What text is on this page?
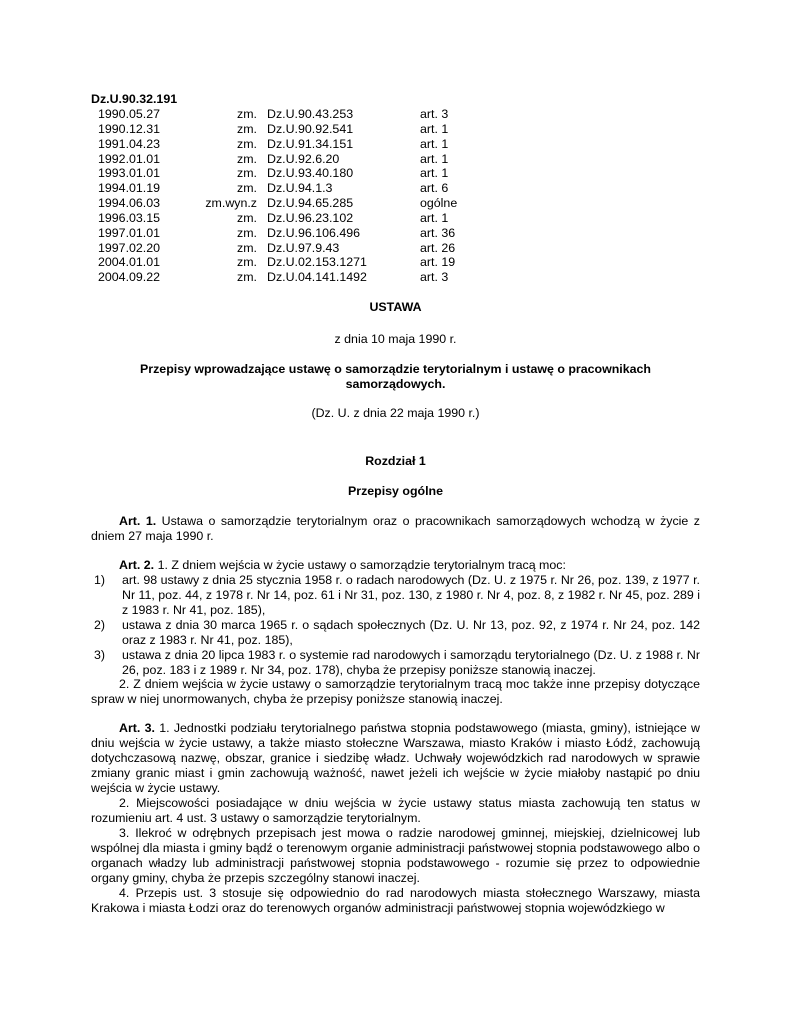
Dz.U.90.32.191
1990.05.27	zm. Dz.U.90.43.253	art. 3
1990.12.31	zm. Dz.U.90.92.541	art. 1
1991.04.23	zm. Dz.U.91.34.151	art. 1
1992.01.01	zm. Dz.U.92.6.20	art. 1
1993.01.01	zm. Dz.U.93.40.180	art. 1
1994.01.19	zm. Dz.U.94.1.3	art. 6
1994.06.03	zm.wyn.z Dz.U.94.65.285	ogólne
1996.03.15	zm. Dz.U.96.23.102	art. 1
1997.01.01	zm. Dz.U.96.106.496	art. 36
1997.02.20	zm. Dz.U.97.9.43	art. 26
2004.01.01	zm. Dz.U.02.153.1271	art. 19
2004.09.22	zm. Dz.U.04.141.1492	art. 3
USTAWA
z dnia 10 maja 1990 r.
Przepisy wprowadzające ustawę o samorządzie terytorialnym i ustawę o pracownikach samorządowych.
(Dz. U. z dnia 22 maja 1990 r.)
Rozdział 1
Przepisy ogólne

Art. 1. Ustawa o samorządzie terytorialnym oraz o pracownikach samorządowych wchodzą w życie z dniem 27 maja 1990 r.

Art. 2. 1. Z dniem wejścia w życie ustawy o samorządzie terytorialnym tracą moc:

1) art. 98 ustawy z dnia 25 stycznia 1958 r. o radach narodowych (Dz. U. z 1975 r. Nr 26, poz. 139, z 1977 r. Nr 11, poz. 44, z 1978 r. Nr 14, poz. 61 i Nr 31, poz. 130, z 1980 r. Nr 4, poz. 8, z 1982 r. Nr 45, poz. 289 i z 1983 r. Nr 41, poz. 185),
2) ustawa z dnia 30 marca 1965 r. o sądach społecznych (Dz. U. Nr 13, poz. 92, z 1974 r. Nr 24, poz. 142 oraz z 1983 r. Nr 41, poz. 185),
3) ustawa z dnia 20 lipca 1983 r. o systemie rad narodowych i samorządu terytorialnego (Dz. U. z 1988 r. Nr 26, poz. 183 i z 1989 r. Nr 34, poz. 178), chyba że przepisy poniższe stanowią inaczej.

2. Z dniem wejścia w życie ustawy o samorządzie terytorialnym tracą moc także inne przepisy dotyczące spraw w niej unormowanych, chyba że przepisy poniższe stanowią inaczej.

Art. 3. 1. Jednostki podziału terytorialnego państwa stopnia podstawowego (miasta, gminy), istniejące w dniu wejścia w życie ustawy, a także miasto stołeczne Warszawa, miasto Kraków i miasto Łódź, zachowują dotychczasową nazwę, obszar, granice i siedzibę władz. Uchwały wojewódzkich rad narodowych w sprawie zmiany granic miast i gmin zachowują ważność, nawet jeżeli ich wejście w życie miałoby nastąpić po dniu wejścia w życie ustawy.

2. Miejscowości posiadające w dniu wejścia w życie ustawy status miasta zachowują ten status w rozumieniu art. 4 ust. 3 ustawy o samorządzie terytorialnym.

3. Ilekroć w odrębnych przepisach jest mowa o radzie narodowej gminnej, miejskiej, dzielnicowej lub wspólnej dla miasta i gminy bądź o terenowym organie administracji państwowej stopnia podstawowego albo o organach władzy lub administracji państwowej stopnia podstawowego - rozumie się przez to odpowiednie organy gminy, chyba że przepis szczególny stanowi inaczej.

4. Przepis ust. 3 stosuje się odpowiednio do rad narodowych miasta stołecznego Warszawy, miasta Krakowa i miasta Łodzi oraz do terenowych organów administracji państwowej stopnia wojewódzkiego w
